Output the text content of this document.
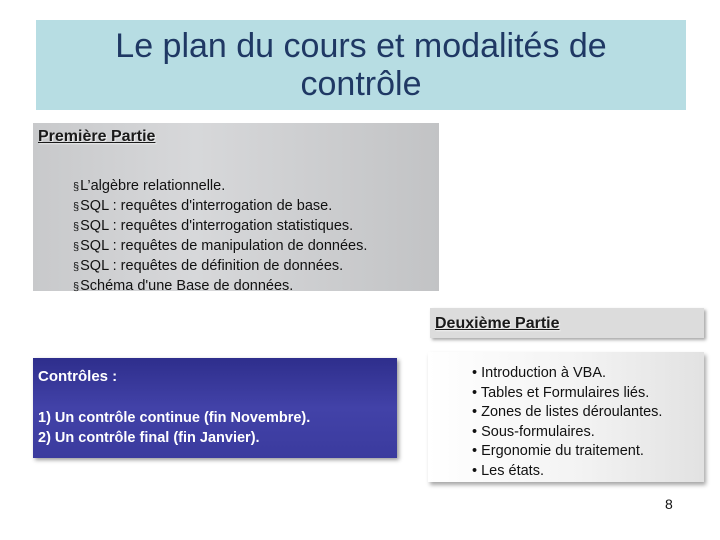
Le plan du cours et modalités de contrôle
Première Partie
§L’algèbre relationnelle.
§SQL : requêtes d'interrogation de base.
§SQL : requêtes d'interrogation statistiques.
§SQL : requêtes de manipulation de données.
§SQL : requêtes de définition de données.
§Schéma d'une Base de données.
Deuxième Partie
• Introduction à VBA.
• Tables et Formulaires liés.
• Zones de listes déroulantes.
• Sous-formulaires.
• Ergonomie du traitement.
• Les états.
Contrôles :
1) Un contrôle continue (fin Novembre).
2) Un contrôle final (fin Janvier).
8
